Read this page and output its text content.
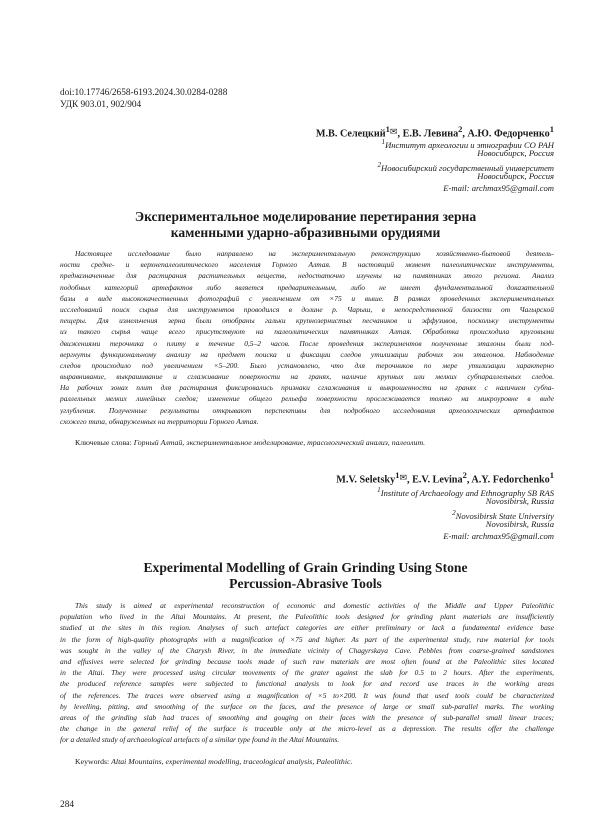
doi:10.17746/2658-6193.2024.30.0284-0288
УДК 903.01, 902/904
М.В. Селецкий$^1$✉, Е.В. Левина$^2$, А.Ю. Федорченко$^1$
$^1$Институт археологии и этнографии СО РАН
Новосибирск, Россия
$^2$Новосибирский государственный университет
Новосибирск, Россия
E-mail: archmax95@gmail.com
Экспериментальное моделирование перетирания зерна
каменными ударно-абразивными орудиями
Настоящее исследование было направлено на экспериментальную реконструкцию хозяйственно-бытовой деятель-
ности средне- и верхнепалеолитического населения Горного Алтая. В настоящий момент палеолитические инструменты,
предназначенные для растирания растительных веществ, недостаточно изучены на памятниках этого региона. Анализ
подобных категорий артефактов либо является предварительным, либо не имеет фундаментальной доказательной
базы в виде высококачественных фотографий с увеличением от ×75 и выше. В рамках проведенных экспериментальных
исследований поиск сырья для инструментов проводился в долине р. Чарыш, в непосредственной близости от Чагырской
пещеры. Для измельчения зерна были отобраны гальки крупнозернистых песчаников и эффузивов, поскольку инструменты
из такого сырья чаще всего присутствуют на палеолитических памятниках Алтая. Обработка происходила круговыми
движениями терочника о плиту в течение 0,5–2 часов. После проведения экспериментов полученные эталоны были под-
вергнуты функциональному анализу на предмет поиска и фиксации следов утилизации рабочих зон эталонов. Наблюдение
следов происходило под увеличением ×5–200. Было установлено, что для терочников по мере утилизации характерно
выравнивание, выкрашивание и сглаживание поверхности на гранях, наличие крупных или мелких субпараллельных следов.
На рабочих зонах плит для растирания фиксировались признаки сглаживания и выкрошенности на гранях с наличием субпа-
раллельных мелких линейных следов; изменение общего рельефа поверхности прослеживается только на микроуровне в виде
углубления. Полученные результаты открывают перспективы для подробного исследования археологических артефактов
схожего типа, обнаруженных на территории Горного Алтая.
Ключевые слова: Горный Алтай, экспериментальное моделирование, трасологический анализ, палеолит.
M.V. Seletsky$^1$✉, E.V. Levina$^2$, A.Y. Fedorchenko$^1$
$^1$Institute of Archaeology and Ethnography SB RAS
Novosibirsk, Russia
$^2$Novosibirsk State University
Novosibirsk, Russia
E-mail: archmax95@gmail.com
Experimental Modelling of Grain Grinding Using Stone
Percussion-Abrasive Tools
This study is aimed at experimental reconstruction of economic and domestic activities of the Middle and Upper Paleolithic
population who lived in the Altai Mountains. At present, the Paleolithic tools designed for grinding plant materials are insufficiently
studied at the sites in this region. Analyses of such artefact categories are either preliminary or lack a fundamental evidence base
in the form of high-quality photographs with a magnification of ×75 and higher. As part of the experimental study, raw material for tools
was sought in the valley of the Charysh River, in the immediate vicinity of Chagyrskaya Cave. Pebbles from coarse-grained sandstones
and effusives were selected for grinding because tools made of such raw materials are most often found at the Paleolithic sites located
in the Altai. They were processed using circular movements of the grater against the slab for 0.5 to 2 hours. After the experiments,
the produced reference samples were subjected to functional analysis to look for and record use traces in the working areas
of the references. The traces were observed using a magnification of ×5 to×200. It was found that used tools could be characterized
by levelling, pitting, and smoothing of the surface on the faces, and the presence of large or small sub-parallel marks. The working
areas of the grinding slab had traces of smoothing and gouging on their faces with the presence of sub-parallel small linear traces;
the change in the general relief of the surface is traceable only at the micro-level as a depression. The results offer the challenge
for a detailed study of archaeological artefacts of a similar type found in the Altai Mountains.
Keywords: Altai Mountains, experimental modelling, traceological analysis, Paleolithic.
284
